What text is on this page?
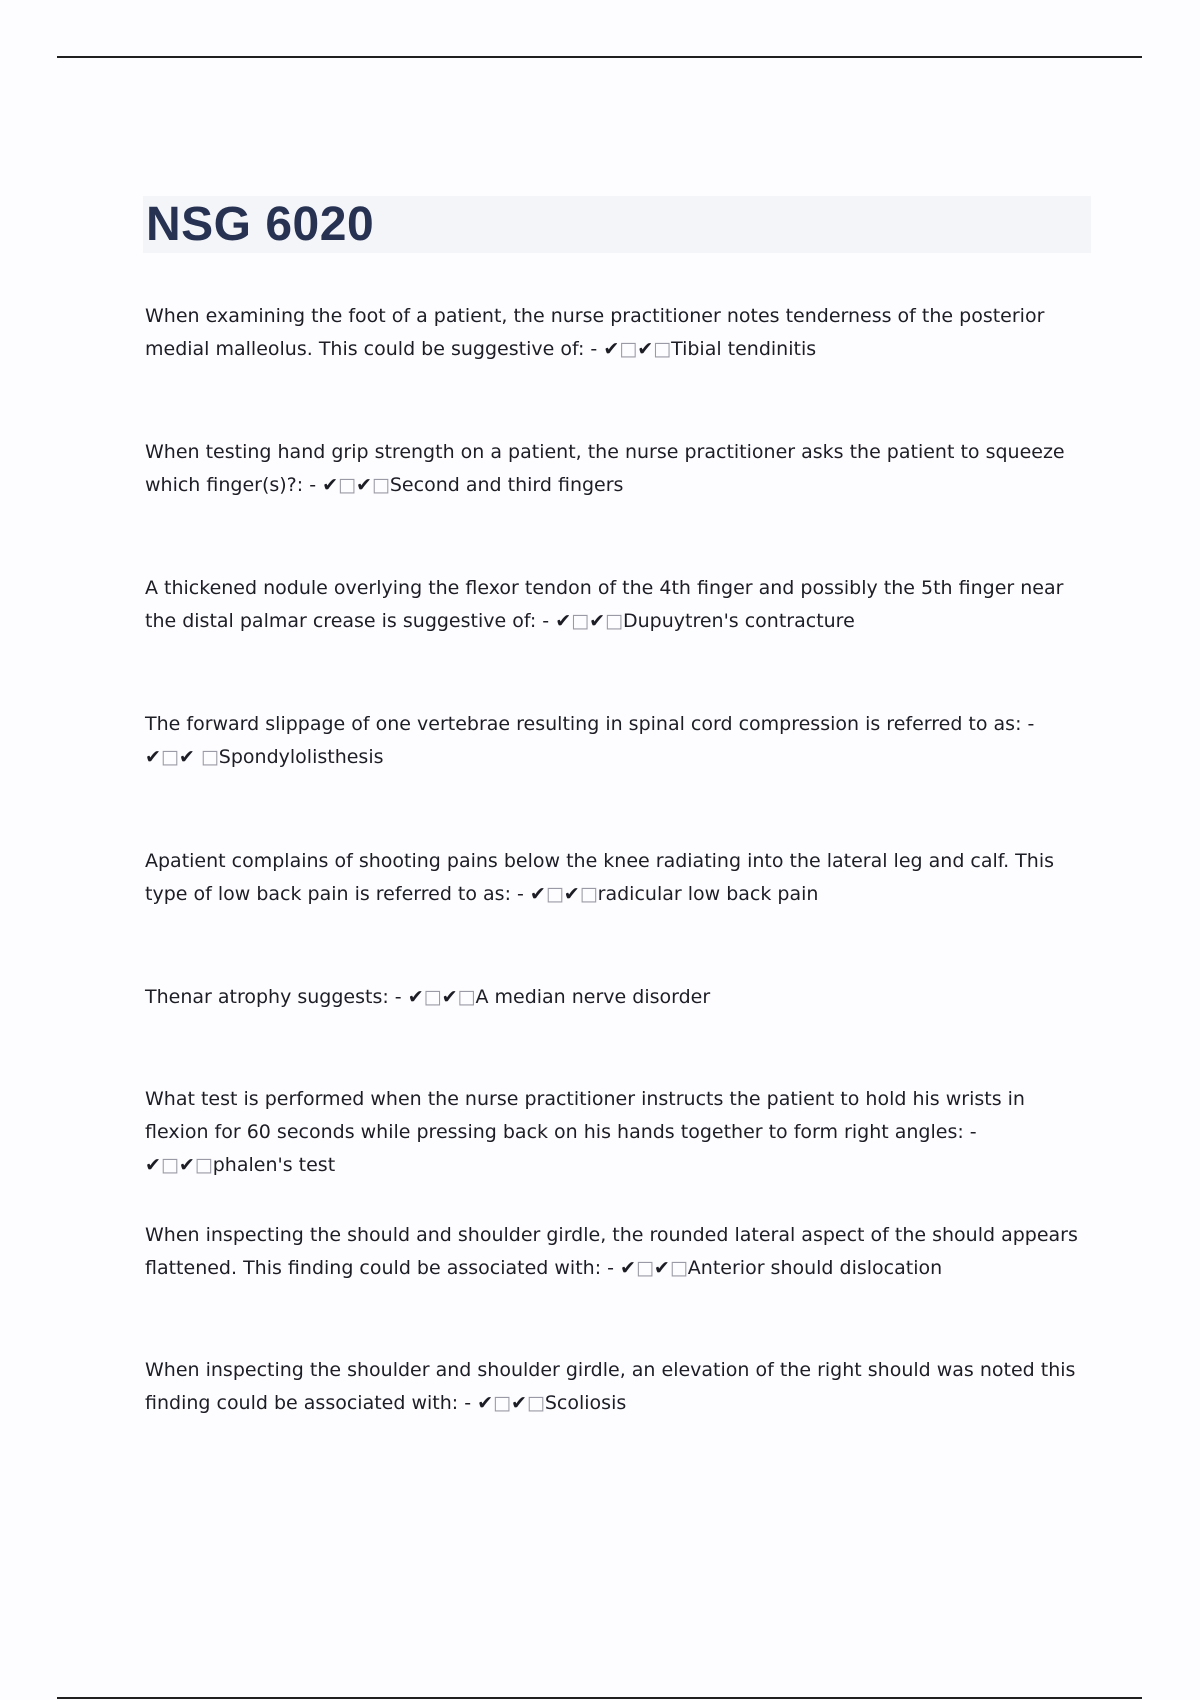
NSG 6020

When examining the foot of a patient, the nurse practitioner notes tenderness of the posterior medial malleolus. This could be suggestive of: - ✔□✔□Tibial tendinitis

When testing hand grip strength on a patient, the nurse practitioner asks the patient to squeeze which finger(s)?: - ✔□✔□Second and third fingers

A thickened nodule overlying the flexor tendon of the 4th finger and possibly the 5th finger near the distal palmar crease is suggestive of: - ✔□✔□Dupuytren's contracture

The forward slippage of one vertebrae resulting in spinal cord compression is referred to as: - ✔□✔ □Spondylolisthesis

Apatient complains of shooting pains below the knee radiating into the lateral leg and calf. This type of low back pain is referred to as: - ✔□✔□radicular low back pain

Thenar atrophy suggests: - ✔□✔□A median nerve disorder

What test is performed when the nurse practitioner instructs the patient to hold his wrists in flexion for 60 seconds while pressing back on his hands together to form right angles: - ✔□✔□phalen's test

When inspecting the should and shoulder girdle, the rounded lateral aspect of the should appears flattened. This finding could be associated with: - ✔□✔□Anterior should dislocation

When inspecting the shoulder and shoulder girdle, an elevation of the right should was noted this finding could be associated with: - ✔□✔□Scoliosis
